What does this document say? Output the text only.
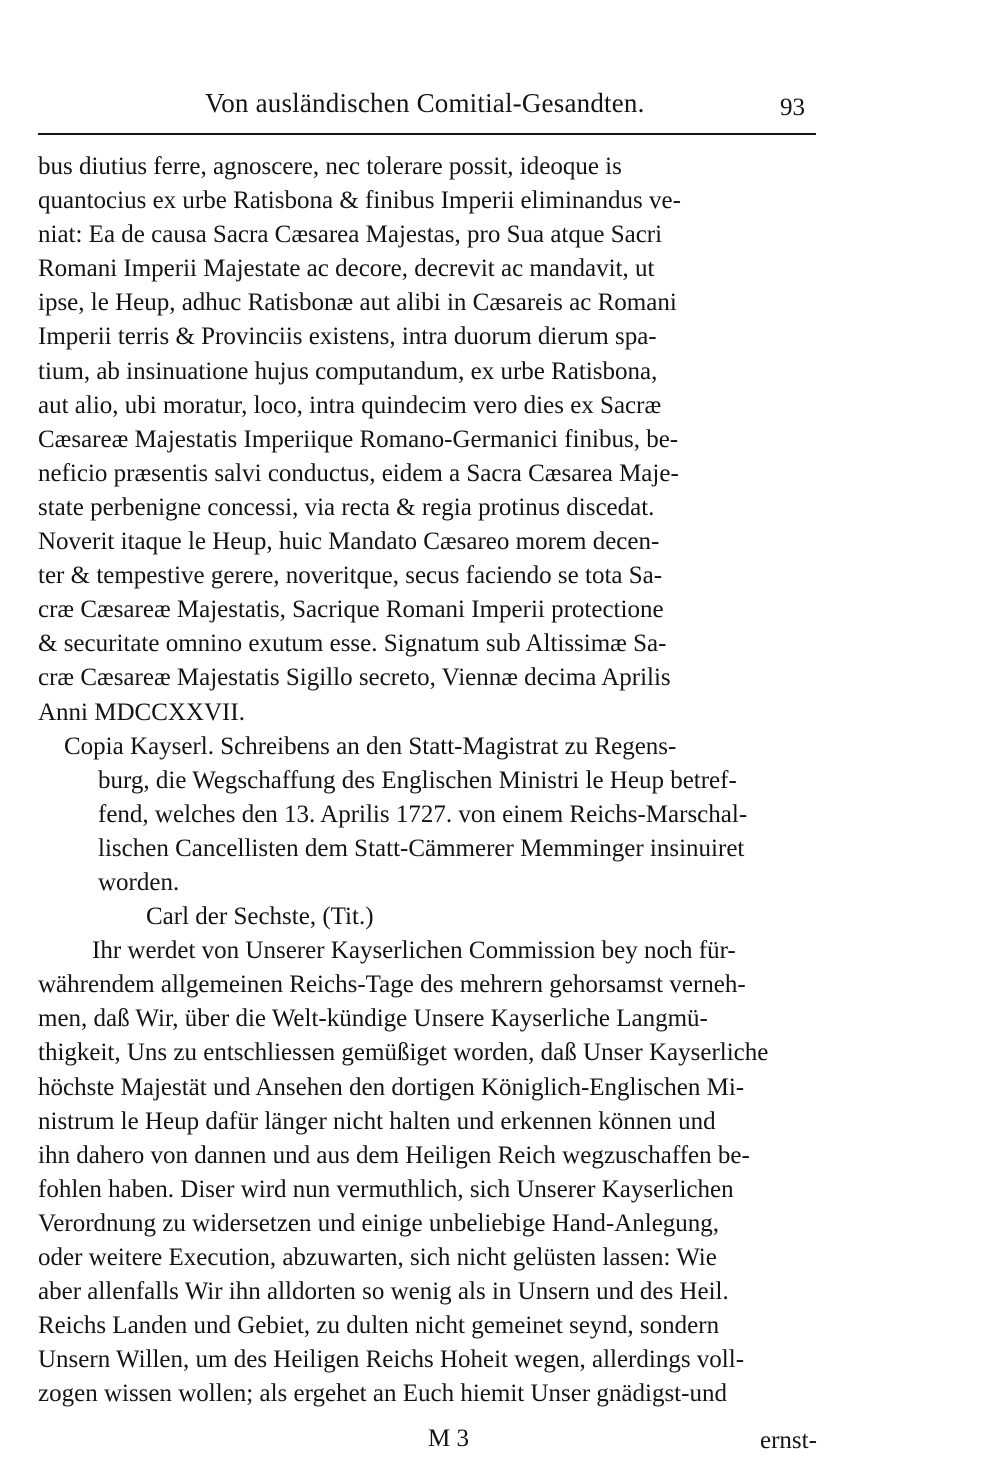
Von ausländischen Comitial-Gesandten.	93
bus diutius ferre, agnoscere, nec tolerare possit, ideoque is
quantocius ex urbe Ratisbona & finibus Imperii eliminandus ve-
niat: Ea de causa Sacra Cæsarea Majestas, pro Sua atque Sacri
Romani Imperii Majestate ac decore, decrevit ac mandavit, ut
ipse, le Heup, adhuc Ratisbonæ aut alibi in Cæsareis ac Romani
Imperii terris & Provinciis existens, intra duorum dierum spa-
tium, ab insinuatione hujus computandum, ex urbe Ratisbona,
aut alio, ubi moratur, loco, intra quindecim vero dies ex Sacræ
Cæsareæ Majestatis Imperiique Romano-Germanici finibus, be-
neficio præsentis salvi conductus, eidem a Sacra Cæsarea Maje-
state perbenigne concessi, via recta & regia protinus discedat.
Noverit itaque le Heup, huic Mandato Cæsareo morem decen-
ter & tempestive gerere, noveritque, secus faciendo se tota Sa-
cræ Cæsareæ Majestatis, Sacrique Romani Imperii protectione
& securitate omnino exutum esse. Signatum sub Altissimæ Sa-
cræ Cæsareæ Majestatis Sigillo secreto, Viennæ decima Aprilis
Anni MDCCXXVII.
Copia Kayserl. Schreibens an den Statt-Magistrat zu Regens-
burg, die Wegschaffung des Englischen Ministri le Heup betref-
fend, welches den 13. Aprilis 1727. von einem Reichs-Marschal-
lischen Cancellisten dem Statt-Cämmerer Memminger insinuiret
worden.
Carl der Sechste, (Tit.)
Ihr werdet von Unserer Kayserlichen Commission bey noch für-
währendem allgemeinen Reichs-Tage des mehrern gehorsamst verneh-
men, daß Wir, über die Welt-kündige Unsere Kayserliche Langmü-
thigkeit, Uns zu entschliessen gemüßiget worden, daß Unser Kayserliche
höchste Majestät und Ansehen den dortigen Königlich-Englischen Mi-
nistrum le Heup dafür länger nicht halten und erkennen können und
ihn dahero von dannen und aus dem Heiligen Reich wegzuschaffen be-
fohlen haben. Diser wird nun vermuthlich, sich Unserer Kayserlichen
Verordnung zu widersetzen und einige unbeliebige Hand-Anlegung,
oder weitere Execution, abzuwarten, sich nicht gelüsten lassen: Wie
aber allenfalls Wir ihn alldorten so wenig als in Unsern und des Heil.
Reichs Landen und Gebiet, zu dulten nicht gemeinet seynd, sondern
Unsern Willen, um des Heiligen Reichs Hoheit wegen, allerdings voll-
zogen wissen wollen; als ergehet an Euch hiemit Unser gnädigst-und
M 3	ernst-
